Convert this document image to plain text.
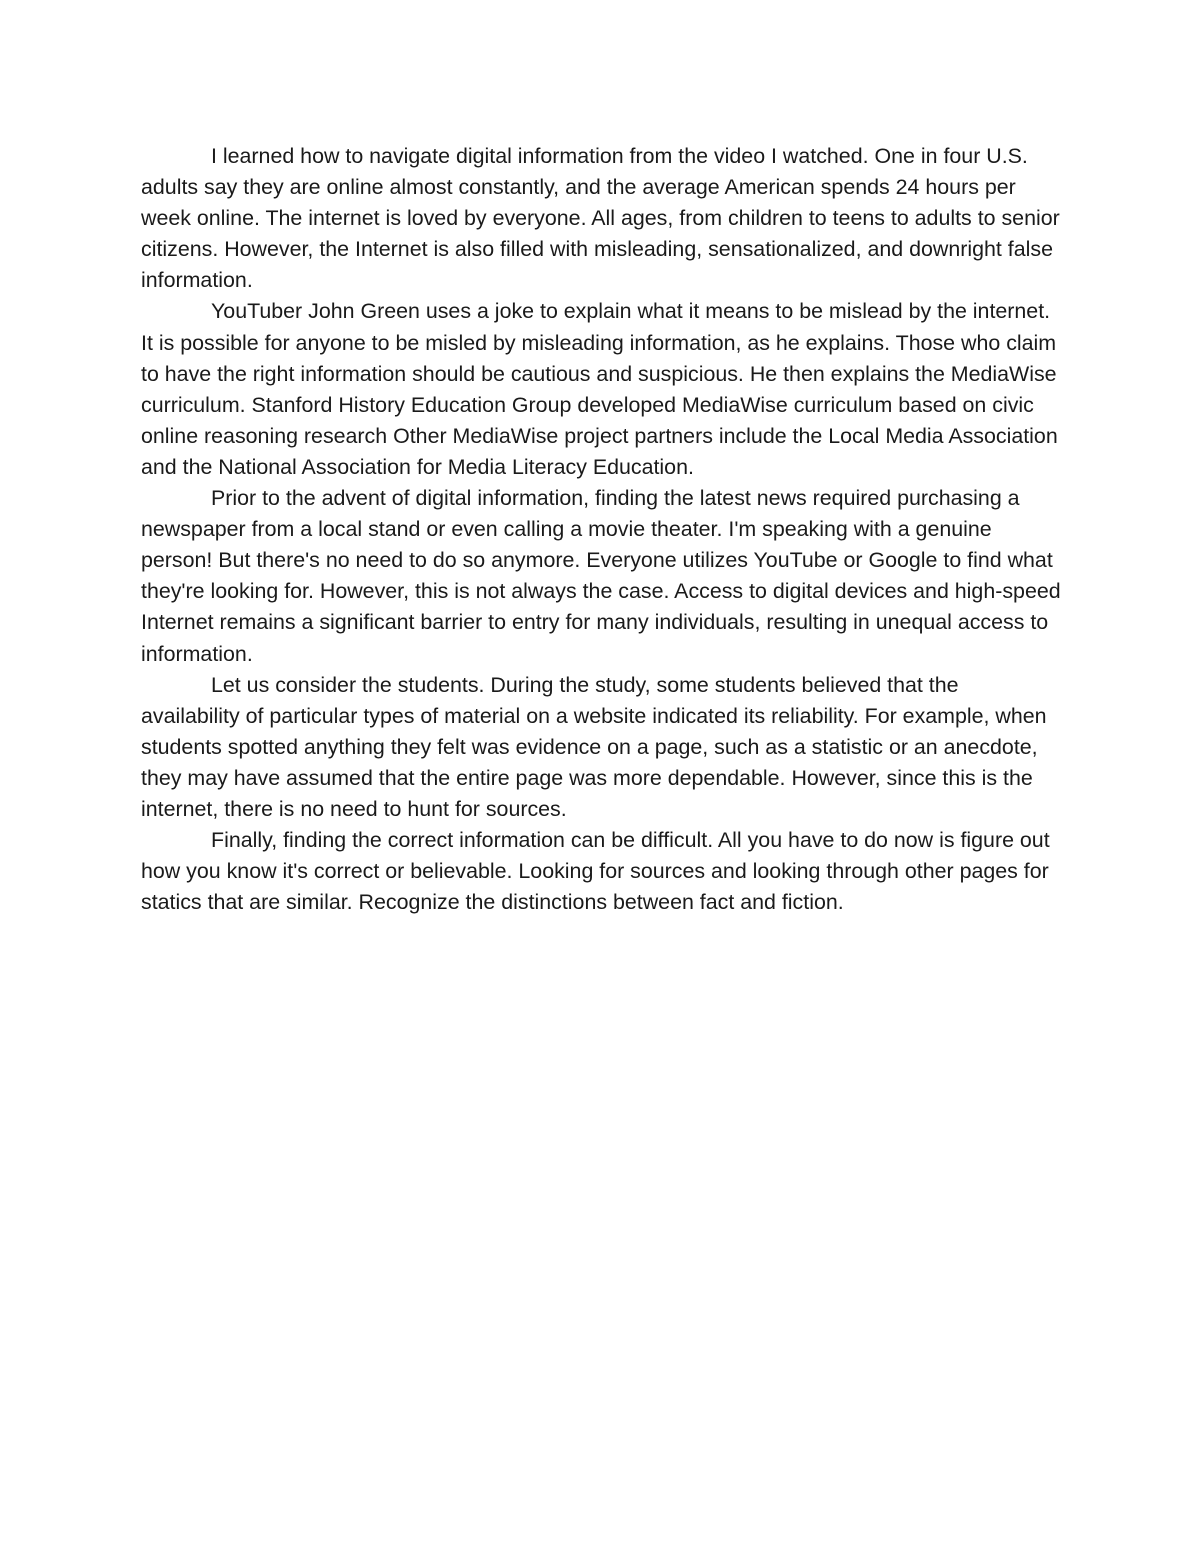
I learned how to navigate digital information from the video I watched. One in four U.S. adults say they are online almost constantly, and the average American spends 24 hours per week online. The internet is loved by everyone. All ages, from children to teens to adults to senior citizens. However, the Internet is also filled with misleading, sensationalized, and downright false information.

YouTuber John Green uses a joke to explain what it means to be mislead by the internet. It is possible for anyone to be misled by misleading information, as he explains. Those who claim to have the right information should be cautious and suspicious. He then explains the MediaWise curriculum. Stanford History Education Group developed MediaWise curriculum based on civic online reasoning research Other MediaWise project partners include the Local Media Association and the National Association for Media Literacy Education.

Prior to the advent of digital information, finding the latest news required purchasing a newspaper from a local stand or even calling a movie theater. I'm speaking with a genuine person! But there's no need to do so anymore. Everyone utilizes YouTube or Google to find what they're looking for. However, this is not always the case. Access to digital devices and high-speed Internet remains a significant barrier to entry for many individuals, resulting in unequal access to information.

Let us consider the students. During the study, some students believed that the availability of particular types of material on a website indicated its reliability. For example, when students spotted anything they felt was evidence on a page, such as a statistic or an anecdote, they may have assumed that the entire page was more dependable. However, since this is the internet, there is no need to hunt for sources.

Finally, finding the correct information can be difficult. All you have to do now is figure out how you know it's correct or believable. Looking for sources and looking through other pages for statics that are similar. Recognize the distinctions between fact and fiction.
